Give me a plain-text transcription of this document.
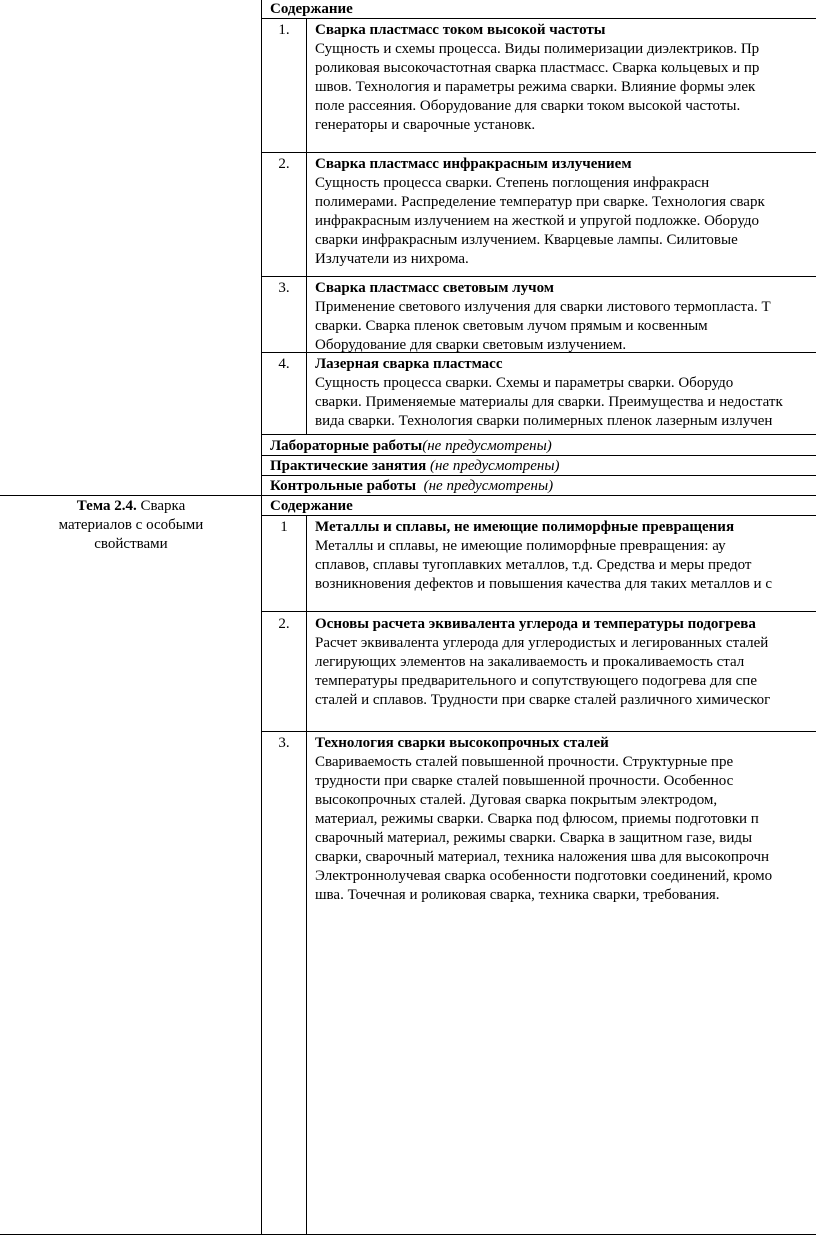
Содержание
1.	Сварка пластмасс током высокой частоты
Сущность и схемы процесса. Виды полимеризации диэлектриков. Пр
роликовая высокочастотная сварка пластмасс. Сварка кольцевых и пр
швов. Технология и параметры режима сварки. Влияние формы элек
поле рассеяния. Оборудование для сварки током высокой частоты.
генераторы и сварочные установк.
2.	Сварка пластмасс инфракрасным излучением
Сущность процесса сварки. Степень поглощения инфракрасн
полимерами. Распределение температур при сварке. Технология сварк
инфракрасным излучением на жесткой и упругой подложке. Оборудо
сварки инфракрасным излучением. Кварцевые лампы. Силитовые
Излучатели из нихрома.
3.	Сварка пластмасс световым лучом
Применение светового излучения для сварки листового термопласта. Т
сварки. Сварка пленок световым лучом прямым и косвенным
Оборудование для сварки световым излучением.
4.	Лазерная сварка пластмасс
Сущность процесса сварки. Схемы и параметры сварки. Оборудо
сварки. Применяемые материалы для сварки. Преимущества и недостатк
вида сварки. Технология сварки полимерных пленок лазерным излучен
Лабораторные работы(не предусмотрены)
Практические занятия (не предусмотрены)
Контрольные работы  (не предусмотрены)
Тема 2.4. Сварка
материалов с особыми
свойствами
Содержание
1	Металлы и сплавы, не имеющие полиморфные превращения
Металлы и сплавы, не имеющие полиморфные превращения: ау
сплавов, сплавы тугоплавких металлов, т.д. Средства и меры предот
возникновения дефектов и повышения качества для таких металлов и с
2.	Основы расчета эквивалента углерода и температуры подогрева
Расчет эквивалента углерода для углеродистых и легированных сталей
легирующих элементов на закаливаемость и прокаливаемость стал
температуры предварительного и сопутствующего подогрева для спе
сталей и сплавов. Трудности при сварке сталей различного химическог
3.	Технология сварки высокопрочных сталей
Свариваемость сталей повышенной прочности. Структурные пре
трудности при сварке сталей повышенной прочности. Особеннос
высокопрочных сталей. Дуговая сварка покрытым электродом,
материал, режимы сварки. Сварка под флюсом, приемы подготовки п
сварочный материал, режимы сварки. Сварка в защитном газе, виды
сварки, сварочный материал, техника наложения шва для высокопрочн
Электроннолучевая сварка особенности подготовки соединений, кромо
шва. Точечная и роликовая сварка, техника сварки, требования.
